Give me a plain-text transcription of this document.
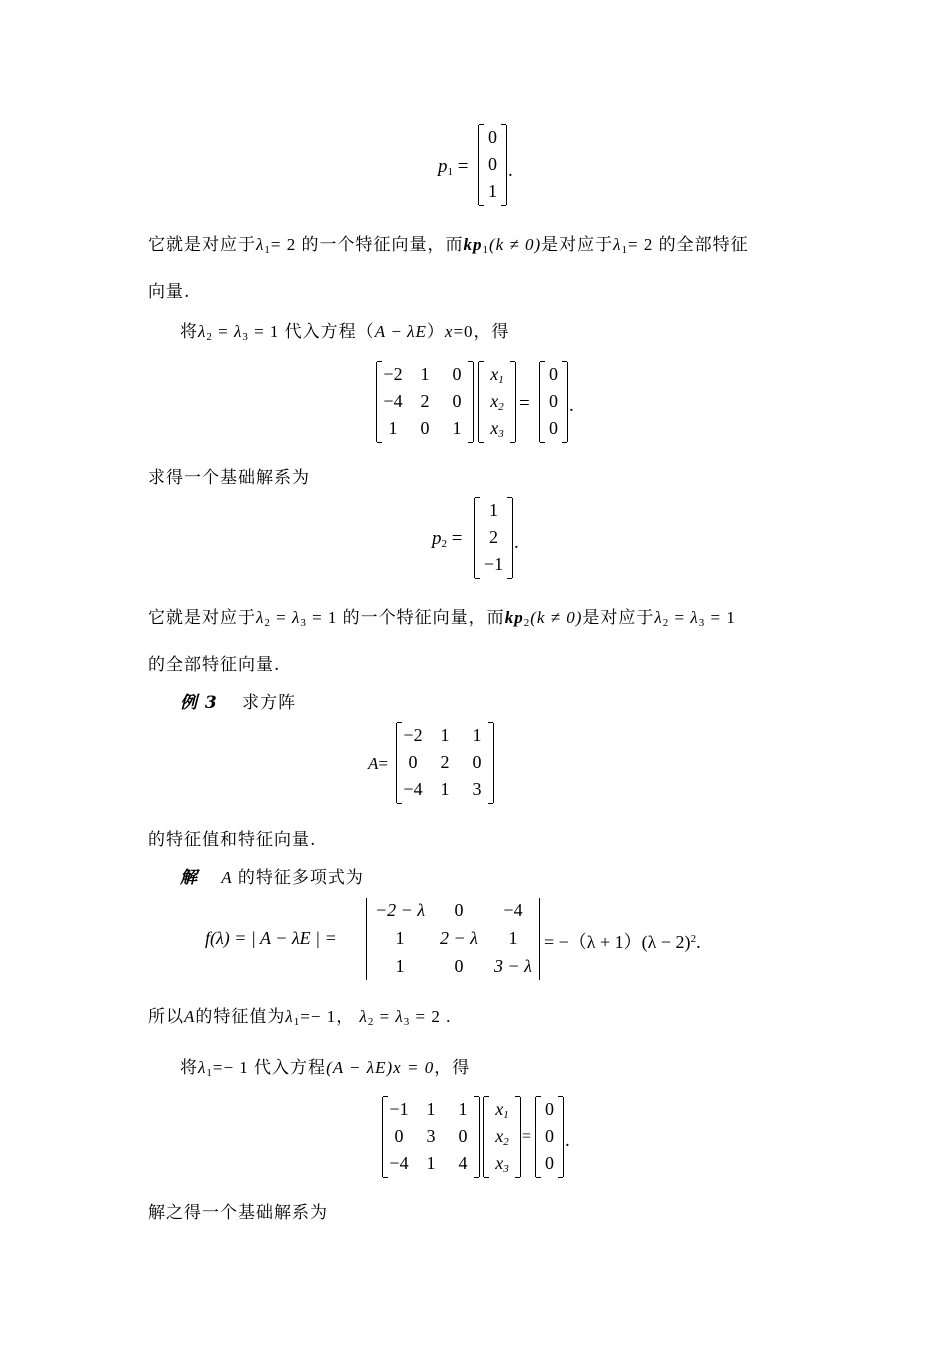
$p_1$ =
0
0
1
.
它就是对应于$\lambda_1= 2$ 的一个特征向量，而$kp_1(k \ne 0)$是对应于$\lambda_1= 2$ 的全部特征
向量.
将$\lambda_2 = \lambda_3 = 1$ 代入方程（A − λE）x=0，得
−2 1	0
−4 2	0
1	0	1
$x_1$
$x_2$
$x_3$
=
0
0
0
.
求得一个基础解系为
$p_2$ =
1
2
−1
.
它就是对应于$\lambda_2 = \lambda_3 = 1$ 的一个特征向量，而$kp_2(k \ne 0)$是对应于$\lambda_2 = \lambda_3 = 1$
的全部特征向量.
例 3 求方阵
A=
−2 1	1
0	2	0
−4 1	3
的特征值和特征向量.
解 A 的特征多项式为
f(λ) = | A − λE | =
−2 − λ	0	−4
1	2 − λ	1
1	0	3 − λ
= $-(\lambda + 1)(\lambda - 2)^2$.
所以A的特征值为$\lambda_1=- 1$， $\lambda_2 = \lambda_3 = 2$ .
将$\lambda_1=- 1$ 代入方程(A − λE)x = 0，得
−1 1	1
0	3	0
−4 1	4
$x_1$
$x_2$
$x_3$
=
0
0
0
.
解之得一个基础解系为
